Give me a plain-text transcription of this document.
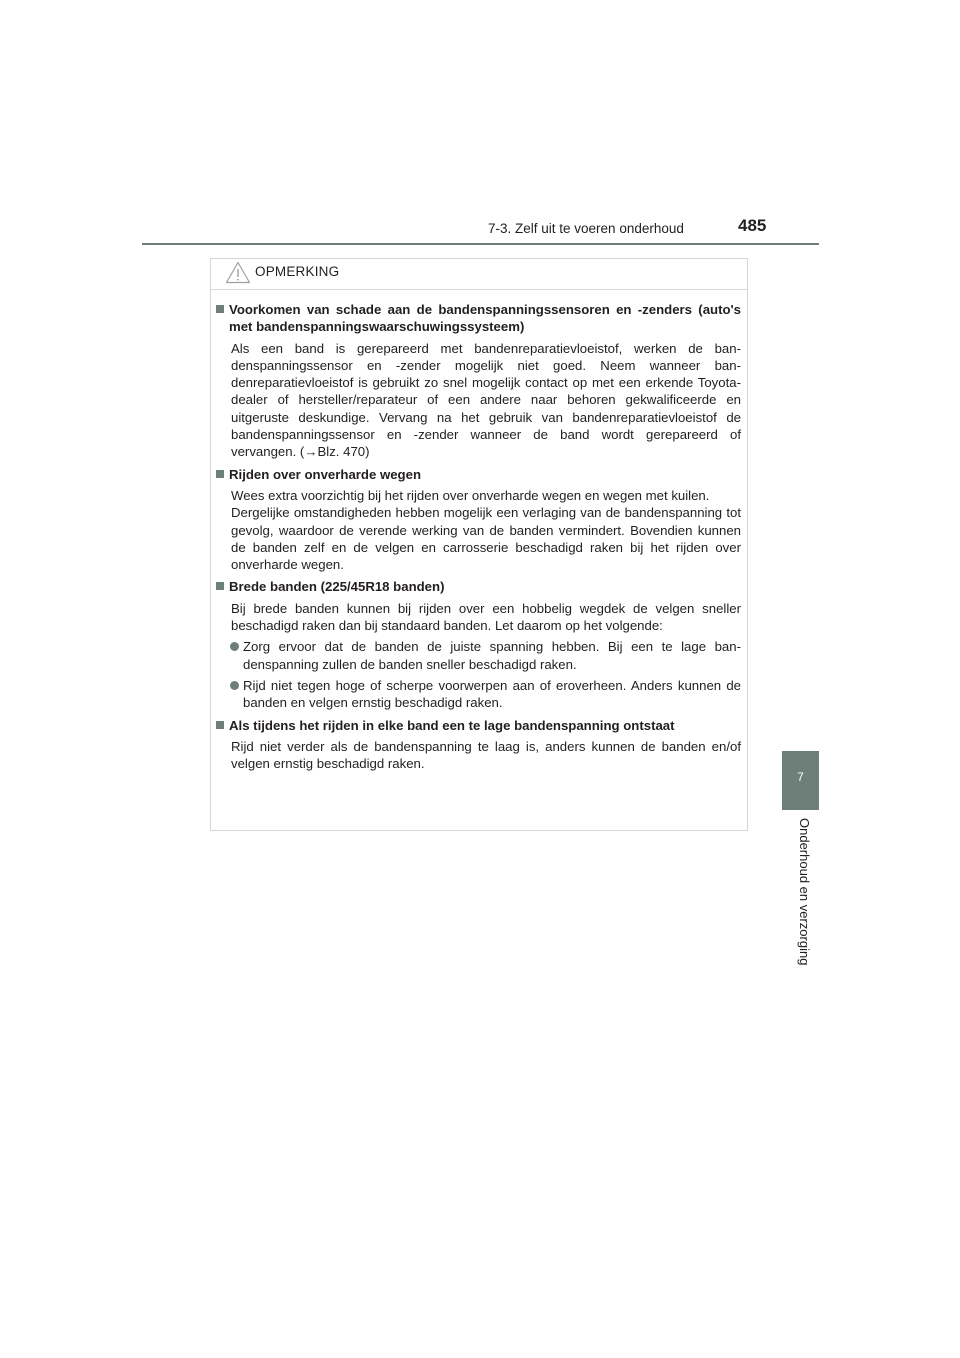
7-3. Zelf uit te voeren onderhoud	485
7
Onderhoud en verzorging
OPMERKING
Voorkomen van schade aan de bandenspanningssensoren en -zenders (auto's met bandenspanningswaarschuwingssysteem)
Als een band is gerepareerd met bandenreparatievloeistof, werken de bandenspanningssensor en -zender mogelijk niet goed. Neem wanneer bandenreparatievloeistof is gebruikt zo snel mogelijk contact op met een erkende Toyota-dealer of hersteller/reparateur of een andere naar behoren gekwalificeerde en uitgeruste deskundige. Vervang na het gebruik van bandenreparatievloeistof de bandenspanningssensor en -zender wanneer de band wordt gerepareerd of vervangen. (→Blz. 470)
Rijden over onverharde wegen
Wees extra voorzichtig bij het rijden over onverharde wegen en wegen met kuilen.
Dergelijke omstandigheden hebben mogelijk een verlaging van de bandenspanning tot gevolg, waardoor de verende werking van de banden vermindert. Bovendien kunnen de banden zelf en de velgen en carrosserie beschadigd raken bij het rijden over onverharde wegen.
Brede banden (225/45R18 banden)
Bij brede banden kunnen bij rijden over een hobbelig wegdek de velgen sneller beschadigd raken dan bij standaard banden. Let daarom op het volgende:
Zorg ervoor dat de banden de juiste spanning hebben. Bij een te lage bandenspanning zullen de banden sneller beschadigd raken.
Rijd niet tegen hoge of scherpe voorwerpen aan of eroverheen. Anders kunnen de banden en velgen ernstig beschadigd raken.
Als tijdens het rijden in elke band een te lage bandenspanning ontstaat
Rijd niet verder als de bandenspanning te laag is, anders kunnen de banden en/of velgen ernstig beschadigd raken.
